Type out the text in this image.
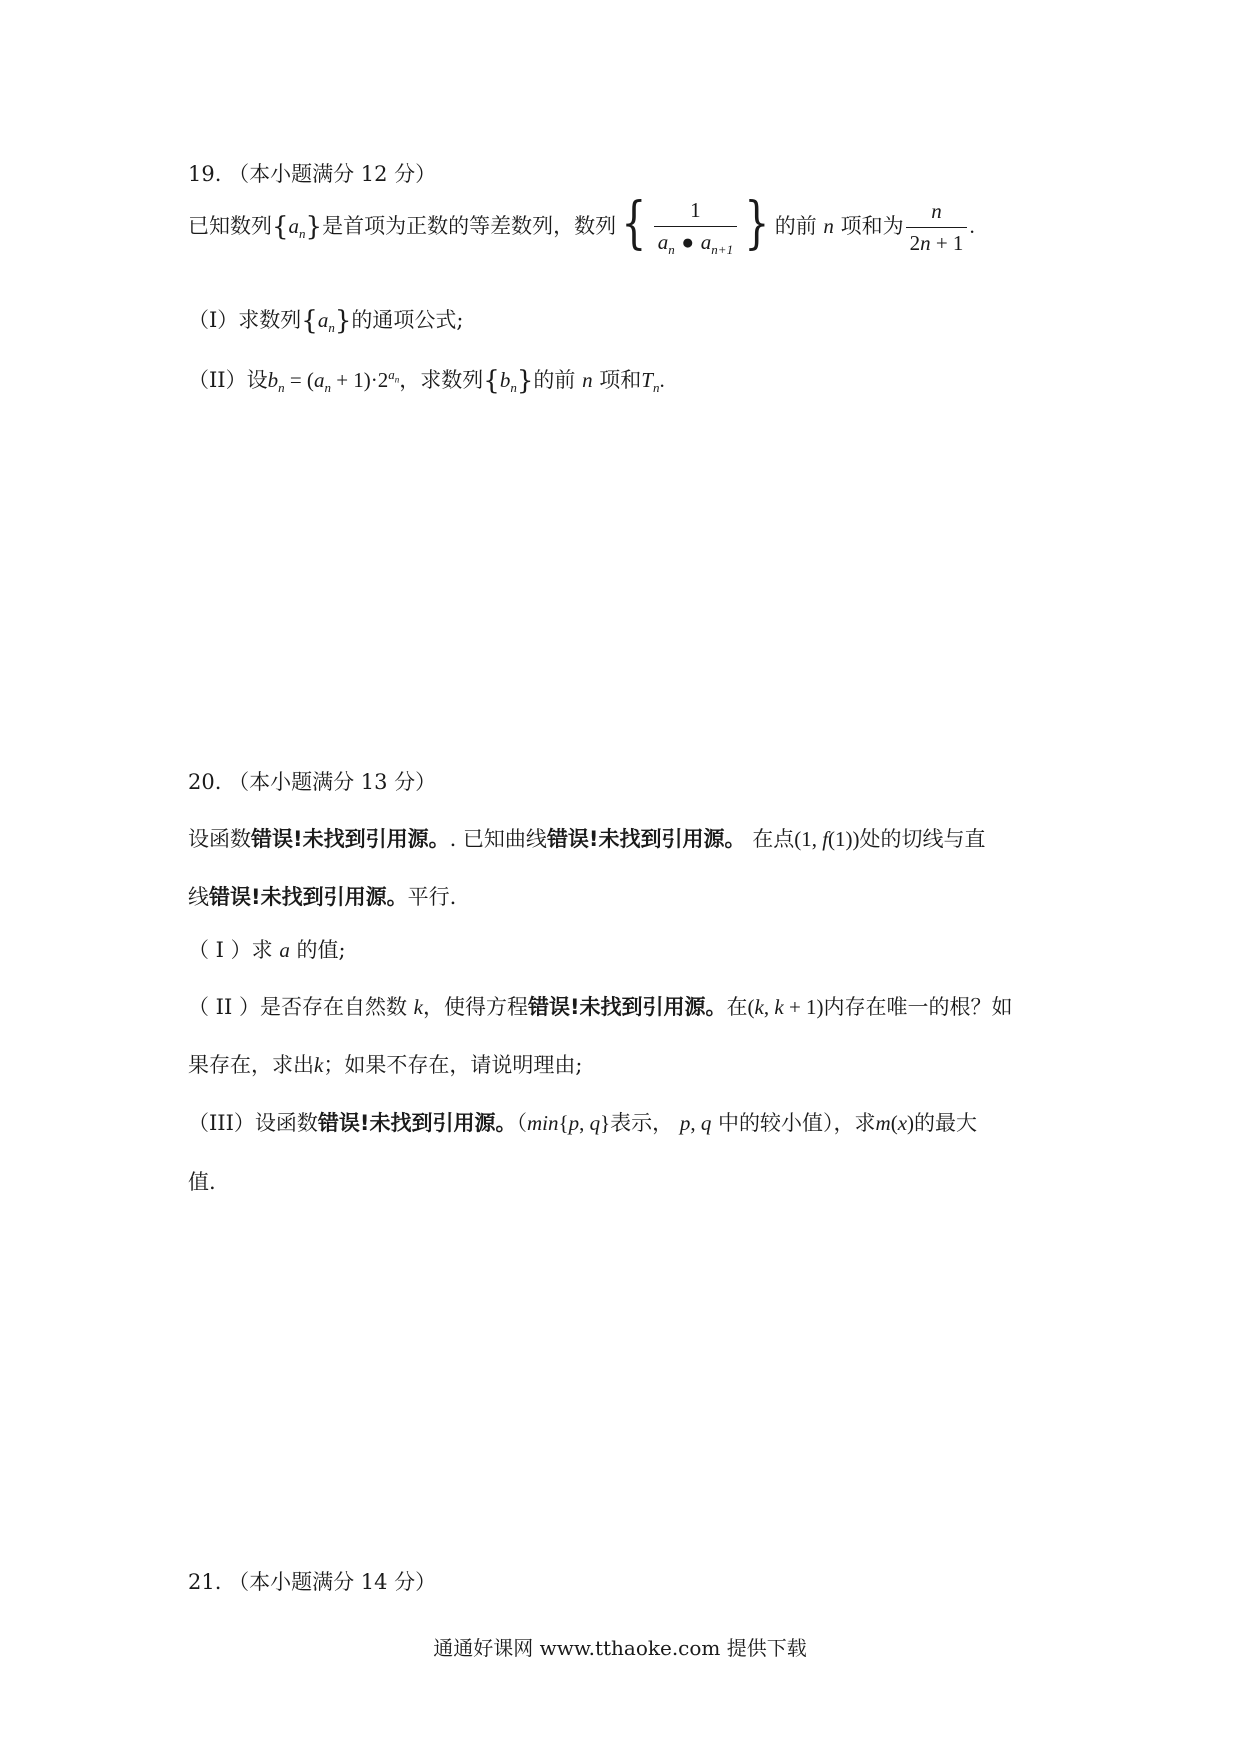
19. （本小题满分 12 分）
已知数列$\{a_n\}$是首项为正数的等差数列，数列{ $\frac{1}{a_n ● a_{n+1}}$ } 的前 n 项和为 $\frac{n}{2n + 1}$ .
（I）求数列$\{a_n\}$的通项公式;
（II）设$b_n = (a_n + 1)\cdot 2^{a_n}$，求数列$\{b_n\}$的前 n 项和$T_n$.
20. （本小题满分 13 分）
设函数错误!未找到引用源。. 已知曲线错误!未找到引用源。 在点(1, f(1))处的切线与直
线错误!未找到引用源。平行.
（ I ）求 a 的值;
（ II ）是否存在自然数 k，使得方程错误!未找到引用源。在(k, k + 1)内存在唯一的根？如
果存在，求出k；如果不存在，请说明理由;
（III）设函数错误!未找到引用源。（min{p, q}表示， p, q 中的较小值），求m(x)的最大
值.
21. （本小题满分 14 分）
通通好课网 www.tthaoke.com 提供下载
